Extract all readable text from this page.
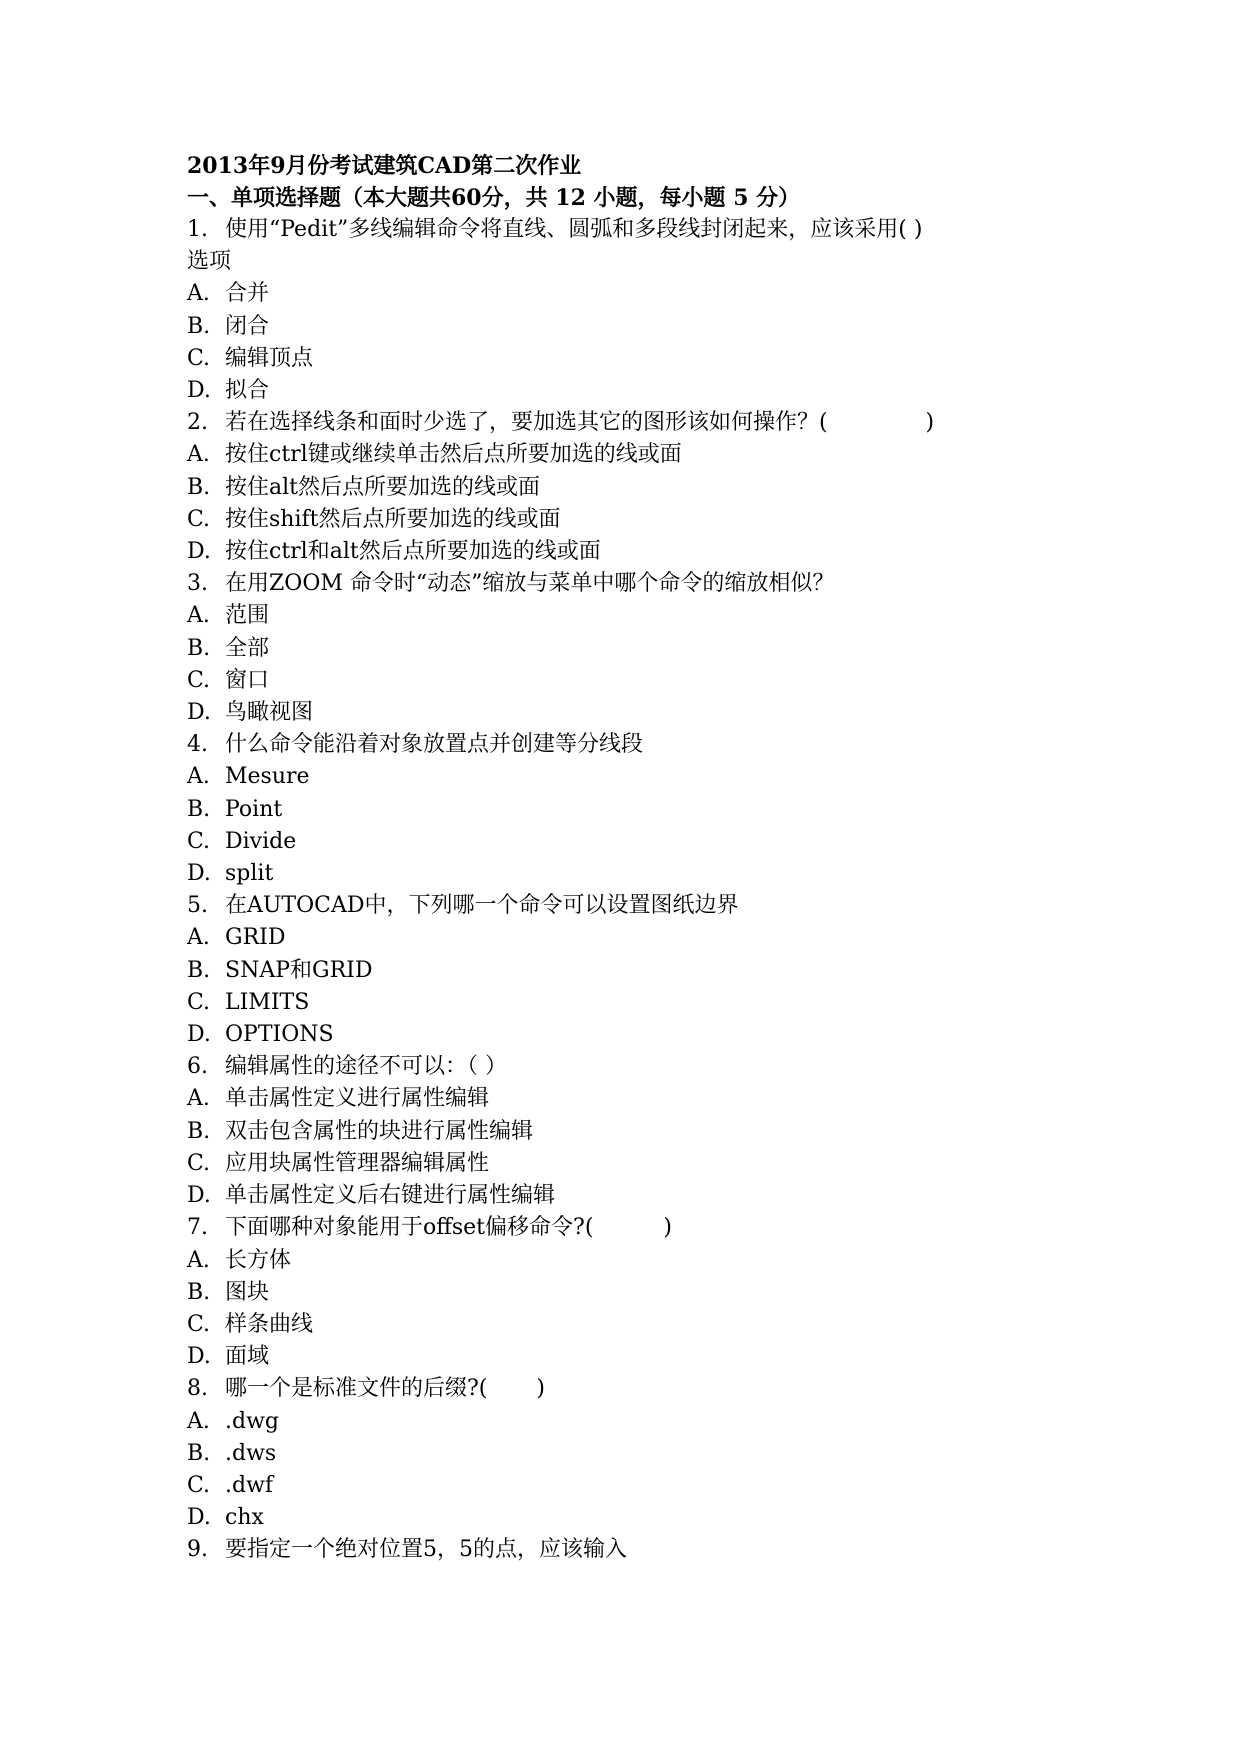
2013年9月份考试建筑CAD第二次作业

一、单项选择题（本大题共60分，共 12 小题，每小题 5 分）

1. 使用“Pedit”多线编辑命令将直线、圆弧和多段线封闭起来，应该采用( )

选项

A. 合并

B. 闭合

C. 编辑顶点

D. 拟合

2. 若在选择线条和面时少选了，要加选其它的图形该如何操作？(              )

A. 按住ctrl键或继续单击然后点所要加选的线或面

B. 按住alt然后点所要加选的线或面

C. 按住shift然后点所要加选的线或面

D. 按住ctrl和alt然后点所要加选的线或面

3. 在用ZOOM 命令时“动态”缩放与菜单中哪个命令的缩放相似？

A. 范围

B. 全部

C. 窗口

D. 鸟瞰视图

4. 什么命令能沿着对象放置点并创建等分线段

A. Mesure

B. Point

C. Divide

D. split

5. 在AUTOCAD中，下列哪一个命令可以设置图纸边界

A. GRID

B. SNAP和GRID

C. LIMITS

D. OPTIONS

6. 编辑属性的途径不可以：（ ）

A. 单击属性定义进行属性编辑

B. 双击包含属性的块进行属性编辑

C. 应用块属性管理器编辑属性

D. 单击属性定义后右键进行属性编辑

7. 下面哪种对象能用于offset偏移命令?(          )

A. 长方体

B. 图块

C. 样条曲线

D. 面域

8. 哪一个是标准文件的后缀?(       )

A. .dwg

B. .dws

C. .dwf

D. chx

9. 要指定一个绝对位置5，5的点，应该输入
